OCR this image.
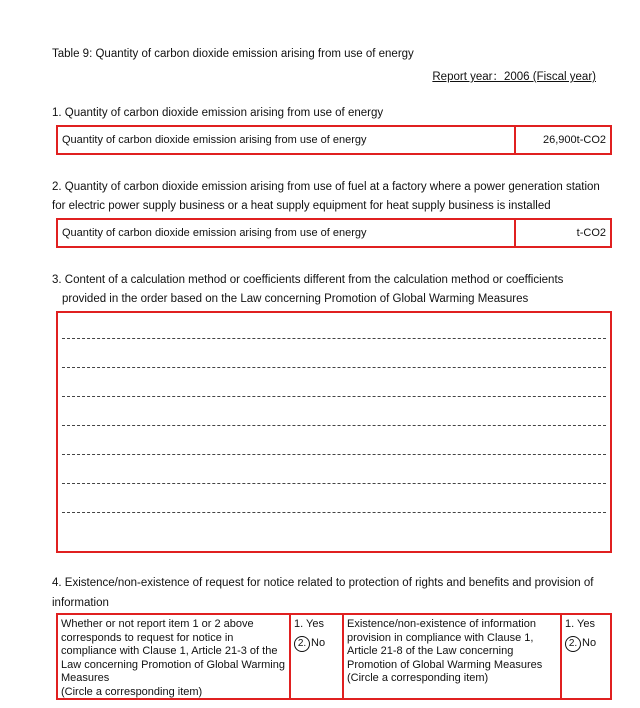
Table 9: Quantity of carbon dioxide emission arising from use of energy
Report year：2006 (Fiscal year)
1. Quantity of carbon dioxide emission arising from use of energy
Quantity of carbon dioxide emission arising from use of energy	26,900t-CO2
2. Quantity of carbon dioxide emission arising from use of fuel at a factory where a power generation station
for electric power supply business or a heat supply equipment for heat supply business is installed
Quantity of carbon dioxide emission arising from use of energy	t-CO2
3. Content of a calculation method or coefficients different from the calculation method or coefficients
provided in the order based on the Law concerning Promotion of Global Warming Measures
4. Existence/non-existence of request for notice related to protection of rights and benefits and provision of
information
Whether or not report item 1 or 2 above corresponds to request for notice in compliance with Clause 1, Article 21-3 of the Law concerning Promotion of Global Warming Measures
(Circle a corresponding item)
1. Yes
2. No
Existence/non-existence of information provision in compliance with Clause 1, Article 21-8 of the Law concerning Promotion of Global Warming Measures
(Circle a corresponding item)
1. Yes
2. No
